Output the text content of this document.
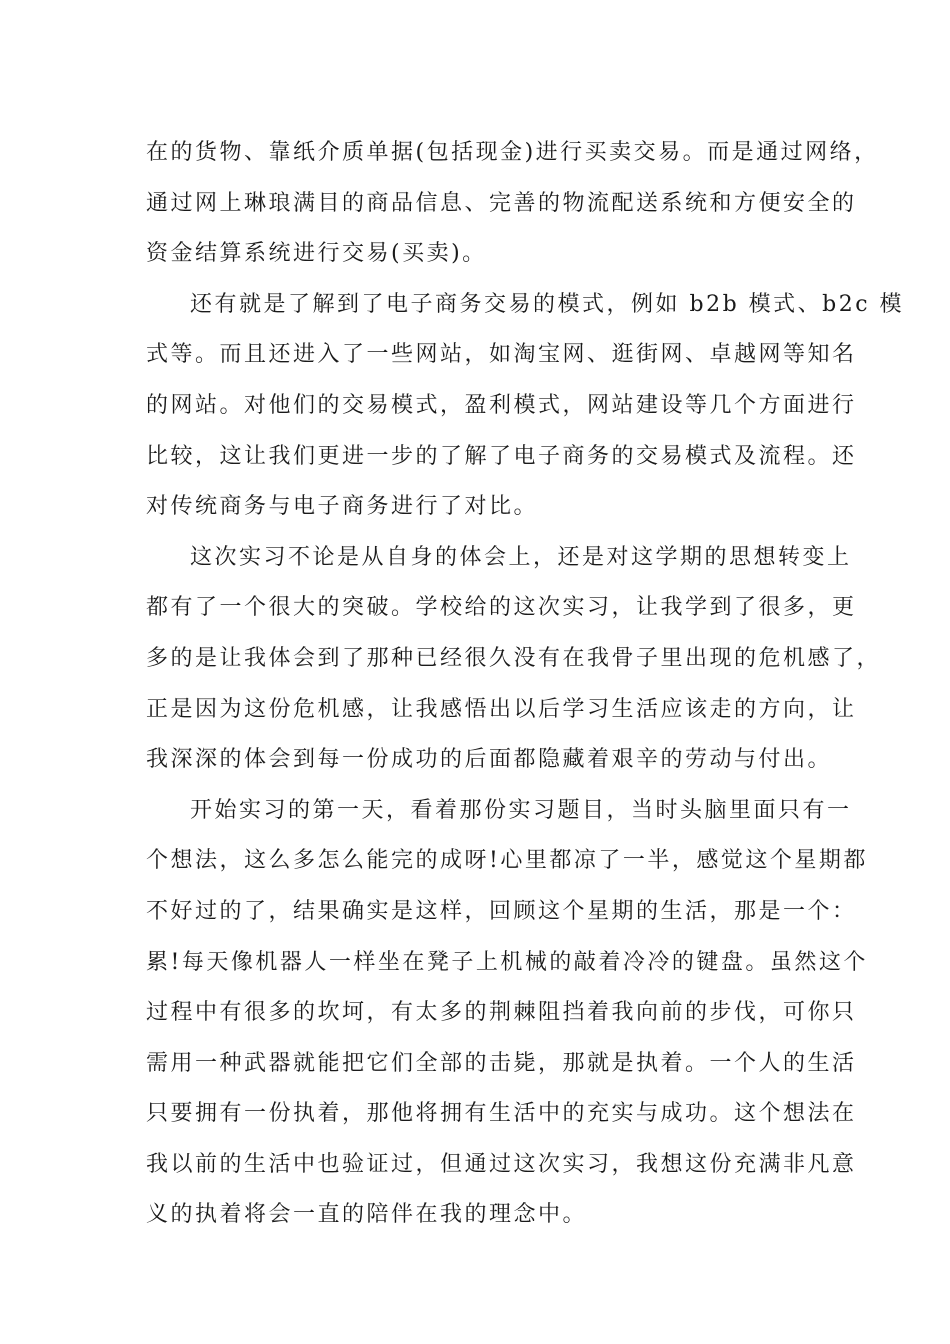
在的货物、靠纸介质单据(包括现金)进行买卖交易。而是通过网络，
通过网上琳琅满目的商品信息、完善的物流配送系统和方便安全的
资金结算系统进行交易(买卖)。
还有就是了解到了电子商务交易的模式，例如 b2b 模式、b2c 模
式等。而且还进入了一些网站，如淘宝网、逛街网、卓越网等知名
的网站。对他们的交易模式，盈利模式，网站建设等几个方面进行
比较，这让我们更进一步的了解了电子商务的交易模式及流程。还
对传统商务与电子商务进行了对比。
这次实习不论是从自身的体会上，还是对这学期的思想转变上
都有了一个很大的突破。学校给的这次实习，让我学到了很多，更
多的是让我体会到了那种已经很久没有在我骨子里出现的危机感了，
正是因为这份危机感，让我感悟出以后学习生活应该走的方向，让
我深深的体会到每一份成功的后面都隐藏着艰辛的劳动与付出。
开始实习的第一天，看着那份实习题目，当时头脑里面只有一
个想法，这么多怎么能完的成呀!心里都凉了一半，感觉这个星期都
不好过的了，结果确实是这样，回顾这个星期的生活，那是一个：
累!每天像机器人一样坐在凳子上机械的敲着冷冷的键盘。虽然这个
过程中有很多的坎坷，有太多的荆棘阻挡着我向前的步伐，可你只
需用一种武器就能把它们全部的击毙，那就是执着。一个人的生活
只要拥有一份执着，那他将拥有生活中的充实与成功。这个想法在
我以前的生活中也验证过，但通过这次实习，我想这份充满非凡意
义的执着将会一直的陪伴在我的理念中。
